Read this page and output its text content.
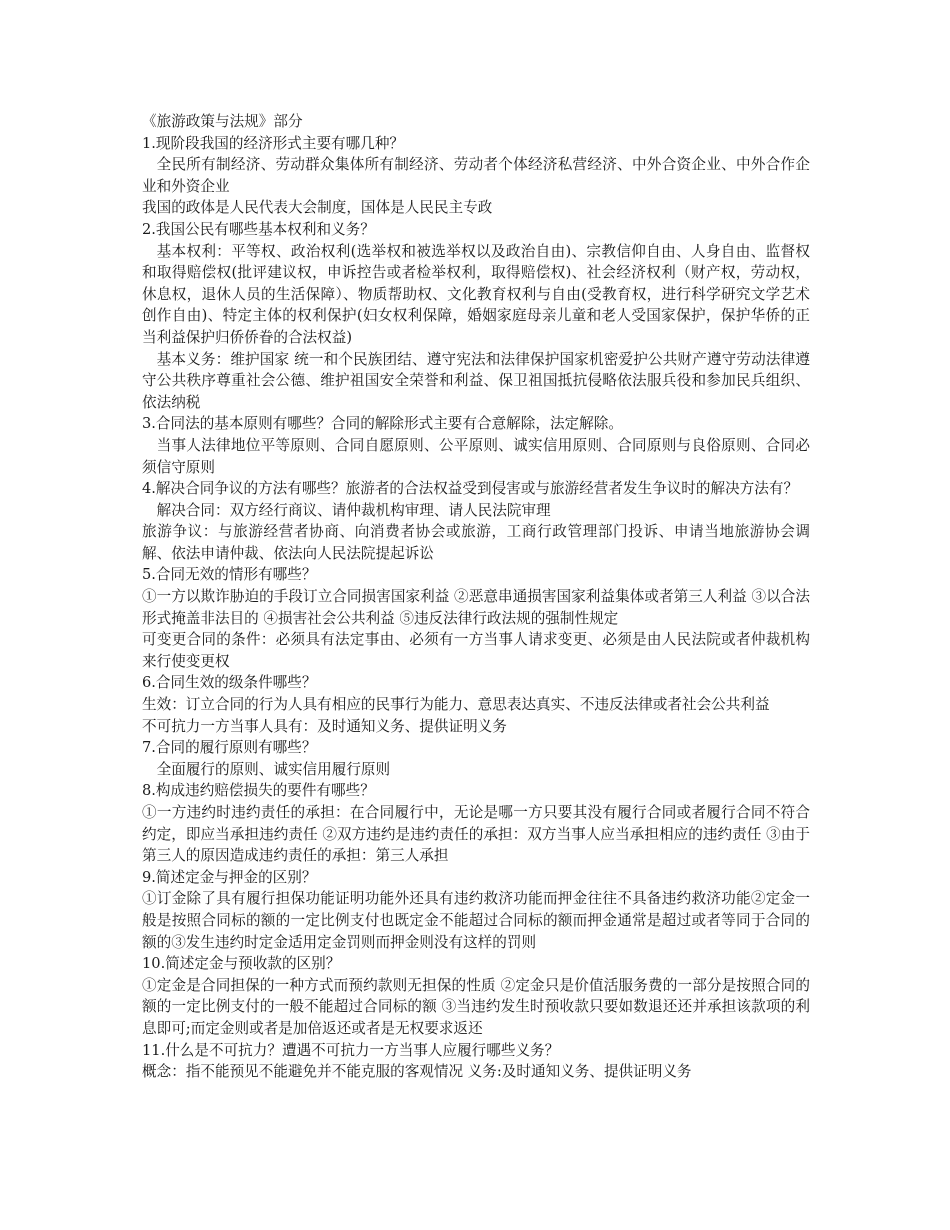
《旅游政策与法规》部分

1.现阶段我国的经济形式主要有哪几种？

全民所有制经济、劳动群众集体所有制经济、劳动者个体经济私营经济、中外合资企业、中外合作企业和外资企业

我国的政体是人民代表大会制度，国体是人民民主专政

2.我国公民有哪些基本权利和义务？

基本权利：平等权、政治权利(选举权和被选举权以及政治自由)、宗教信仰自由、人身自由、监督权和取得赔偿权(批评建议权，申诉控告或者检举权利，取得赔偿权)、社会经济权利（财产权，劳动权，休息权，退休人员的生活保障）、物质帮助权、文化教育权利与自由(受教育权，进行科学研究文学艺术创作自由)、特定主体的权利保护(妇女权利保障，婚姻家庭母亲儿童和老人受国家保护，保护华侨的正当利益保护归侨侨眷的合法权益)

基本义务：维护国家 统一和个民族团结、遵守宪法和法律保护国家机密爱护公共财产遵守劳动法律遵守公共秩序尊重社会公德、维护祖国安全荣誉和利益、保卫祖国抵抗侵略依法服兵役和参加民兵组织、依法纳税

3.合同法的基本原则有哪些？合同的解除形式主要有合意解除，法定解除。

当事人法律地位平等原则、合同自愿原则、公平原则、诚实信用原则、合同原则与良俗原则、合同必须信守原则

4.解决合同争议的方法有哪些？旅游者的合法权益受到侵害或与旅游经营者发生争议时的解决方法有？

解决合同：双方经行商议、请仲裁机构审理、请人民法院审理

旅游争议：与旅游经营者协商、向消费者协会或旅游，工商行政管理部门投诉、申请当地旅游协会调解、依法申请仲裁、依法向人民法院提起诉讼

5.合同无效的情形有哪些？

①一方以欺诈胁迫的手段订立合同损害国家利益 ②恶意串通损害国家利益集体或者第三人利益 ③以合法形式掩盖非法目的 ④损害社会公共利益 ⑤违反法律行政法规的强制性规定

可变更合同的条件：必须具有法定事由、必须有一方当事人请求变更、必须是由人民法院或者仲裁机构来行使变更权

6.合同生效的级条件哪些？

生效：订立合同的行为人具有相应的民事行为能力、意思表达真实、不违反法律或者社会公共利益

不可抗力一方当事人具有：及时通知义务、提供证明义务

7.合同的履行原则有哪些？

全面履行的原则、诚实信用履行原则

8.构成违约赔偿损失的要件有哪些？

①一方违约时违约责任的承担：在合同履行中，无论是哪一方只要其没有履行合同或者履行合同不符合约定，即应当承担违约责任 ②双方违约是违约责任的承担：双方当事人应当承担相应的违约责任 ③由于第三人的原因造成违约责任的承担：第三人承担

9.简述定金与押金的区别？

①订金除了具有履行担保功能证明功能外还具有违约救济功能而押金往往不具备违约救济功能②定金一般是按照合同标的额的一定比例支付也既定金不能超过合同标的额而押金通常是超过或者等同于合同的额的③发生违约时定金适用定金罚则而押金则没有这样的罚则

10.简述定金与预收款的区别？

①定金是合同担保的一种方式而预约款则无担保的性质 ②定金只是价值活服务费的一部分是按照合同的额的一定比例支付的一般不能超过合同标的额 ③当违约发生时预收款只要如数退还还并承担该款项的利息即可;而定金则或者是加倍返还或者是无权要求返还

11.什么是不可抗力？遭遇不可抗力一方当事人应履行哪些义务？

概念：指不能预见不能避免并不能克服的客观情况 义务:及时通知义务、提供证明义务
